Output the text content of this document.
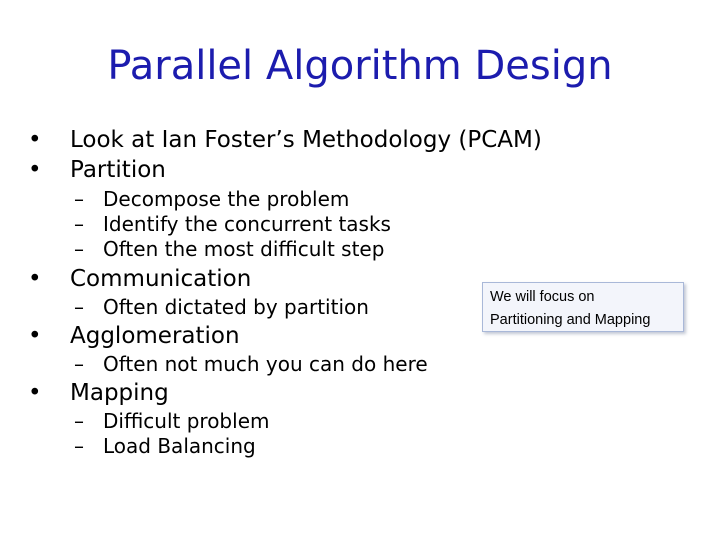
Parallel Algorithm Design
• Look at Ian Foster’s Methodology (PCAM)
• Partition
– Decompose the problem
– Identify the concurrent tasks
– Often the most difficult step
• Communication
– Often dictated by partition
• Agglomeration
– Often not much you can do here
• Mapping
– Difficult problem
– Load Balancing
We will focus on
Partitioning and Mapping
